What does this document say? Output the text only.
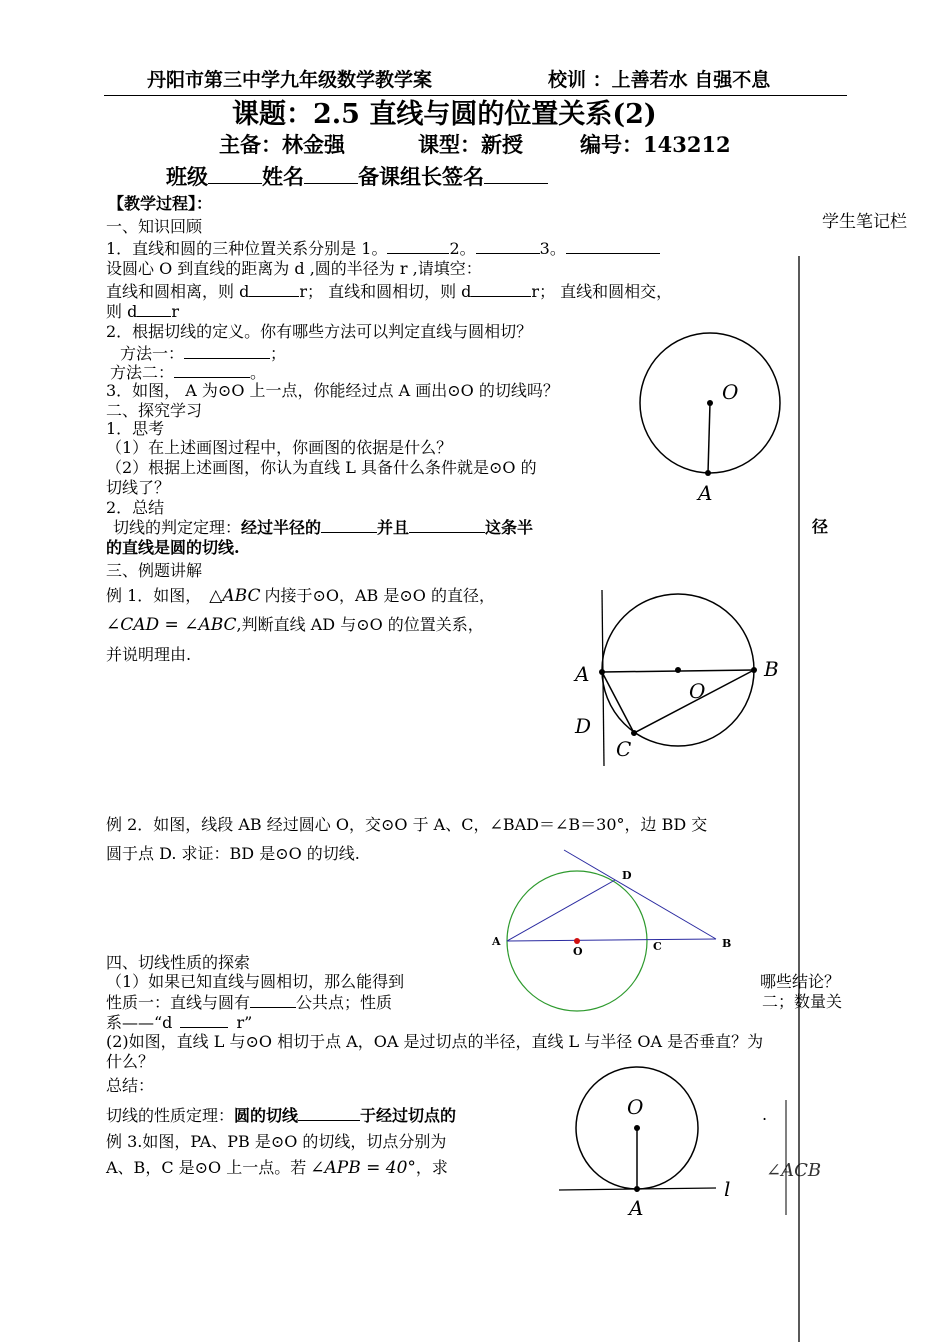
丹阳市第三中学九年级数学教学案	校训 ：上善若水 自强不息
课题：2.5 直线与圆的位置关系(2)
主备：林金强	课型：新授	编号：143212
班级	姓名	备课组长签名
【教学过程】：
学生笔记栏
一、知识回顾
1．直线和圆的三种位置关系分别是 1。	2。	3。
设圆心 O 到直线的距离为 d ,圆的半径为 r ,请填空：
直线和圆相离，则 d	r； 直线和圆相切，则 d	r； 直线和圆相交，
则 d r
2．根据切线的定义。你有哪些方法可以判定直线与圆相切？
方法一：	；
方法二：	。
3．如图， A 为⊙O 上一点，你能经过点 A 画出⊙O 的切线吗？
二、探究学习
1．思考
（1）在上述画图过程中，你画图的依据是什么？
（2）根据上述画图，你认为直线 L 具备什么条件就是⊙O 的
切线了？
2．总结
切线的判定定理：经过半径的	并且	这条半	径
的直线是圆的切线.
三、例题讲解
例 1．如图， △ABC 内接于⊙O，AB 是⊙O 的直径，
∠CAD = ∠ABC,判断直线 AD 与⊙O 的位置关系，
并说明理由.
例 2．如图，线段 AB 经过圆心 O，交⊙O 于 A、C，∠BAD＝∠B＝30°，边 BD 交
圆于点 D. 求证：BD 是⊙O 的切线.
四、切线性质的探索
（1）如果已知直线与圆相切，那么能得到	哪些结论？
性质一：直线与圆有	公共点；性质	二；数量关
系——“d	r”
(2)如图，直线 L 与⊙O 相切于点 A，OA 是过切点的半径，直线 L 与半径 OA 是否垂直？为
什么？
总结：
切线的性质定理：圆的切线	于经过切点的	.
例 3.如图，PA、PB 是⊙O 的切线，切点分别为
A、B，C 是⊙O 上一点。若 ∠APB = 40°，求	∠ACB
O
A
A	B
O
D
C
D
A
O	C	B
O
A
l
